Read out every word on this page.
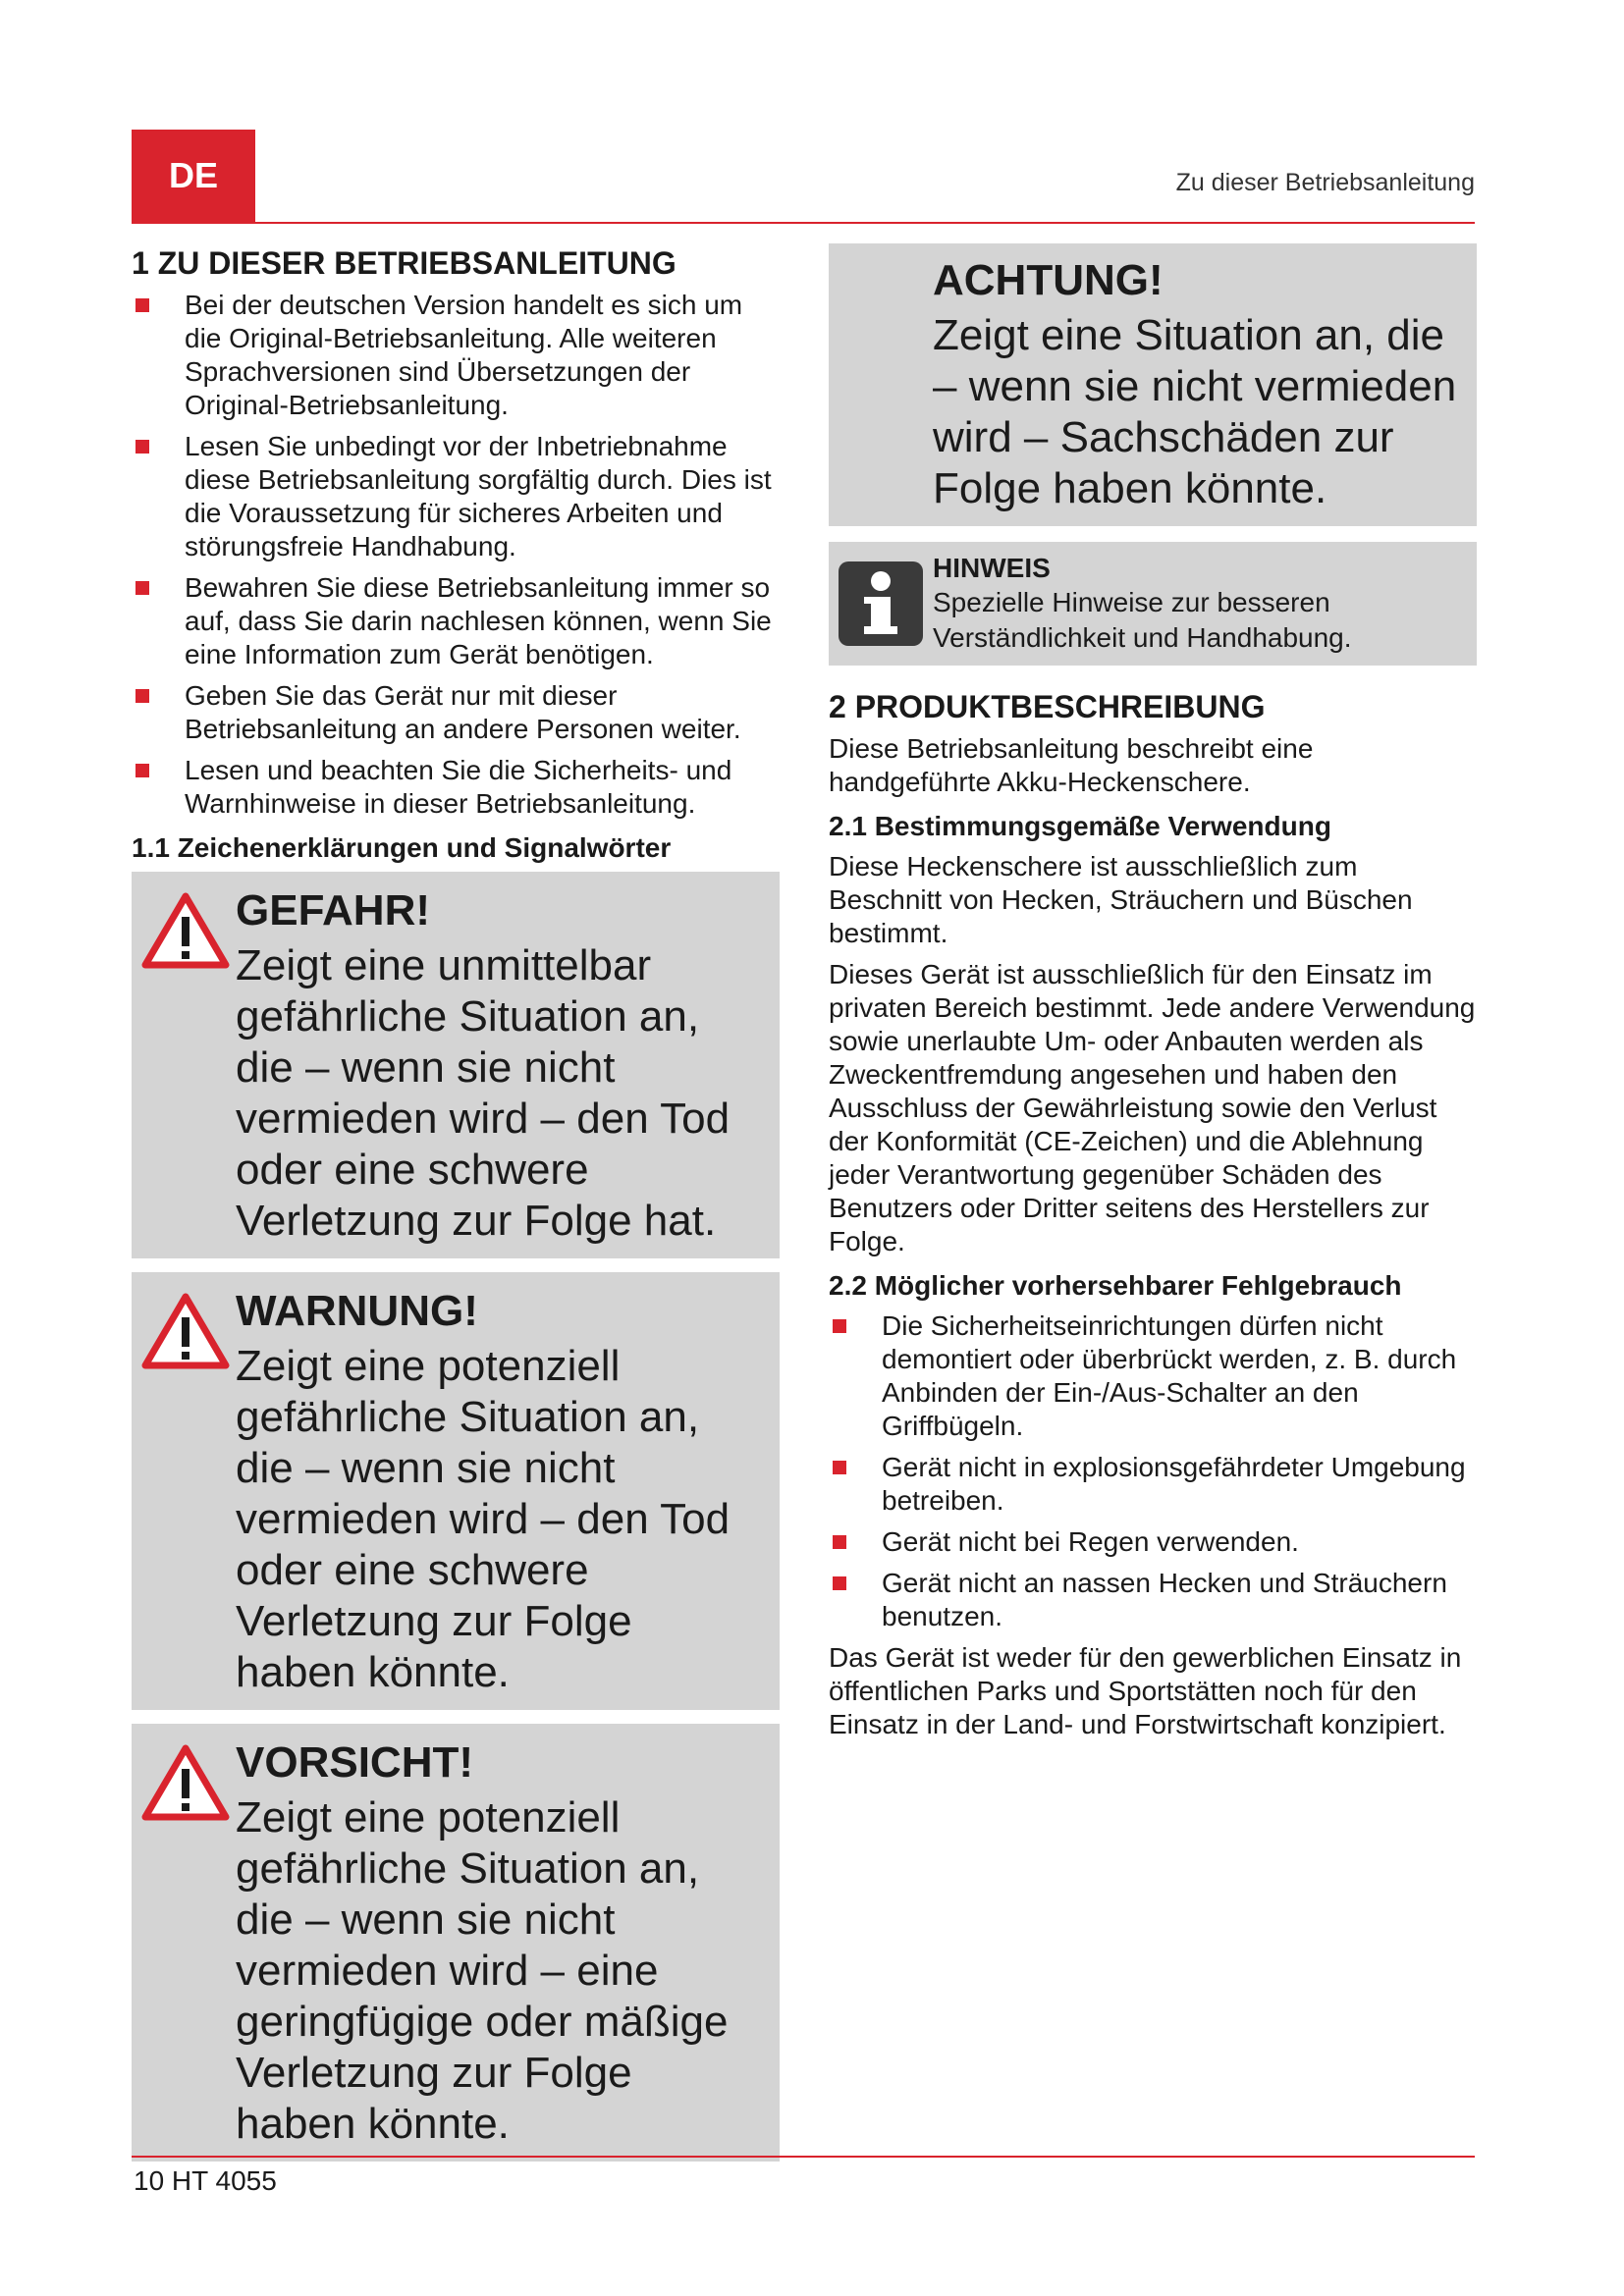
DE	Zu dieser Betriebsanleitung
1 ZU DIESER BETRIEBSANLEITUNG
Bei der deutschen Version handelt es sich um die Original-Betriebsanleitung. Alle weiteren Sprachversionen sind Übersetzungen der Original-Betriebsanleitung.
Lesen Sie unbedingt vor der Inbetriebnahme diese Betriebsanleitung sorgfältig durch. Dies ist die Voraussetzung für sicheres Arbeiten und störungsfreie Handhabung.
Bewahren Sie diese Betriebsanleitung immer so auf, dass Sie darin nachlesen können, wenn Sie eine Information zum Gerät benötigen.
Geben Sie das Gerät nur mit dieser Betriebsanleitung an andere Personen weiter.
Lesen und beachten Sie die Sicherheits- und Warnhinweise in dieser Betriebsanleitung.
1.1 Zeichenerklärungen und Signalwörter
GEFAHR!
Zeigt eine unmittelbar gefährliche Situation an, die – wenn sie nicht vermieden wird – den Tod oder eine schwere Verletzung zur Folge hat.
WARNUNG!
Zeigt eine potenziell gefährliche Situation an, die – wenn sie nicht vermieden wird – den Tod oder eine schwere Verletzung zur Folge haben könnte.
VORSICHT!
Zeigt eine potenziell gefährliche Situation an, die – wenn sie nicht vermieden wird – eine geringfügige oder mäßige Verletzung zur Folge haben könnte.
ACHTUNG!
Zeigt eine Situation an, die – wenn sie nicht vermieden wird – Sachschäden zur Folge haben könnte.
HINWEIS
Spezielle Hinweise zur besseren Verständlichkeit und Handhabung.
2 PRODUKTBESCHREIBUNG

Diese Betriebsanleitung beschreibt eine handgeführte Akku-Heckenschere.

2.1 Bestimmungsgemäße Verwendung

Diese Heckenschere ist ausschließlich zum Beschnitt von Hecken, Sträuchern und Büschen bestimmt.

Dieses Gerät ist ausschließlich für den Einsatz im privaten Bereich bestimmt. Jede andere Verwendung sowie unerlaubte Um- oder Anbauten werden als Zweckentfremdung angesehen und haben den Ausschluss der Gewährleistung sowie den Verlust der Konformität (CE-Zeichen) und die Ablehnung jeder Verantwortung gegenüber Schäden des Benutzers oder Dritter seitens des Herstellers zur Folge.

2.2 Möglicher vorhersehbarer Fehlgebrauch
Die Sicherheitseinrichtungen dürfen nicht demontiert oder überbrückt werden, z. B. durch Anbinden der Ein-/Aus-Schalter an den Griffbügeln.
Gerät nicht in explosionsgefährdeter Umgebung betreiben.
Gerät nicht bei Regen verwenden.
Gerät nicht an nassen Hecken und Sträuchern benutzen.

Das Gerät ist weder für den gewerblichen Einsatz in öffentlichen Parks und Sportstätten noch für den Einsatz in der Land- und Forstwirtschaft konzipiert.

10 HT 4055
